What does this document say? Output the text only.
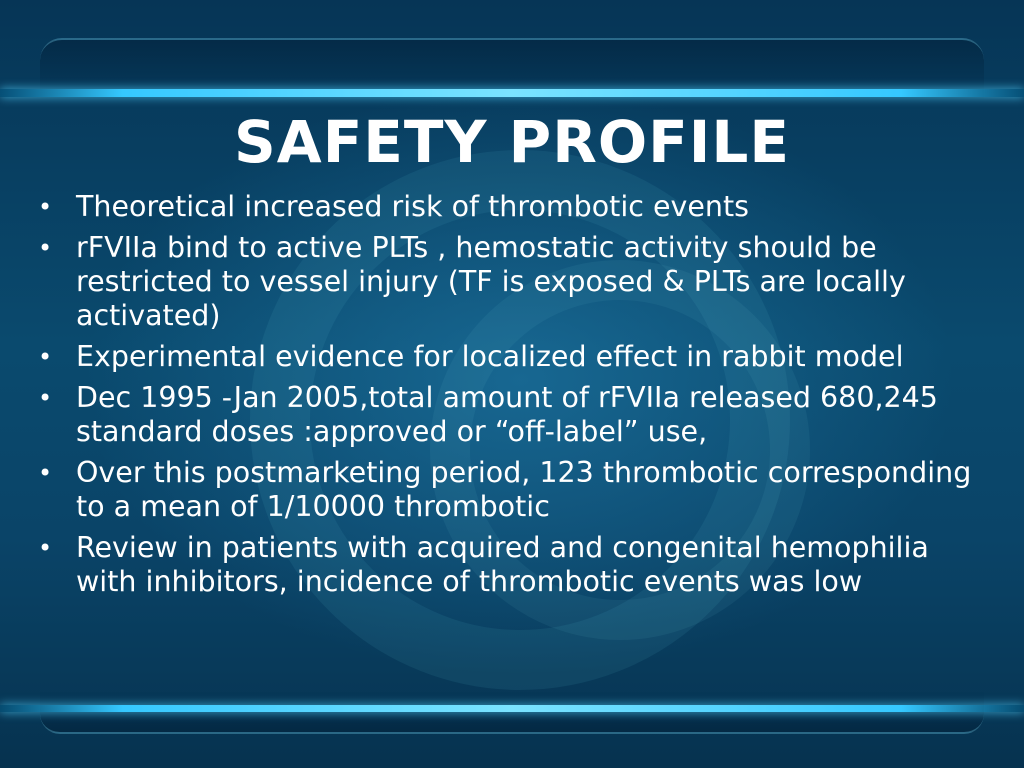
SAFETY PROFILE
• Theoretical increased risk of thrombotic events
• rFVIIa bind to active PLTs , hemostatic activity should be restricted to vessel injury (TF is exposed & PLTs are locally activated)
• Experimental evidence for localized effect in rabbit model
• Dec 1995 -Jan 2005,total amount of rFVIIa released 680,245 standard doses :approved or “off-label” use,
• Over this postmarketing period, 123 thrombotic corresponding to a mean of 1/10000 thrombotic
• Review in patients with acquired and congenital hemophilia with inhibitors, incidence of thrombotic events was low
